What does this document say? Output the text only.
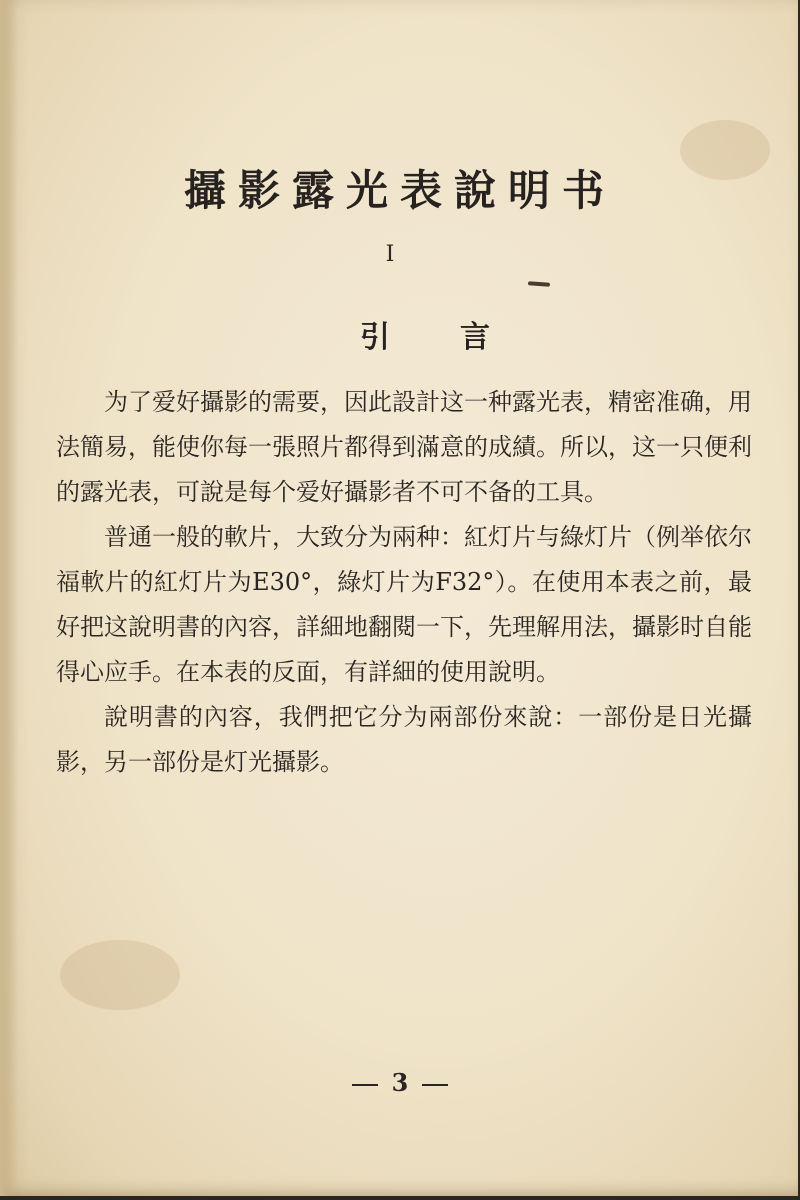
攝影露光表說明书
I
引言

为了爱好攝影的需要，因此設計这一种露光表，精密准确，用法簡易，能使你每一張照片都得到滿意的成績。所以，这一只便利的露光表，可說是每个爱好攝影者不可不备的工具。

普通一般的軟片，大致分为兩种：紅灯片与綠灯片（例举依尔福軟片的紅灯片为E30°，綠灯片为F32°）。在使用本表之前，最好把这說明書的內容，詳細地翻閱一下，先理解用法，攝影时自能得心应手。在本表的反面，有詳細的使用說明。

說明書的內容，我們把它分为兩部份來說：一部份是日光攝影，另一部份是灯光攝影。

3
